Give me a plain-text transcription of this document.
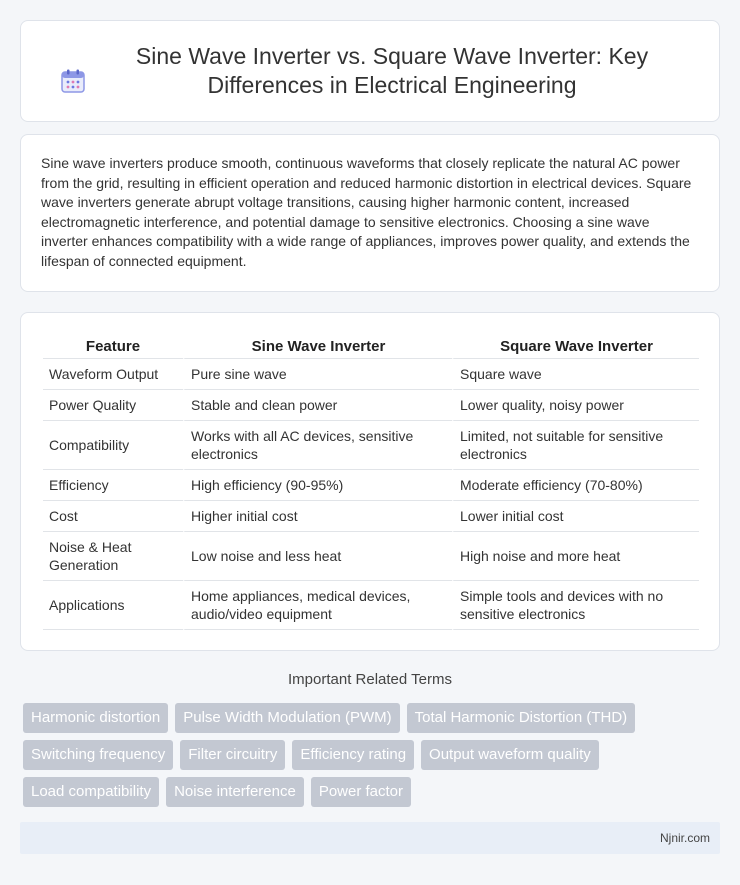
Sine Wave Inverter vs. Square Wave Inverter: Key Differences in Electrical Engineering

Sine wave inverters produce smooth, continuous waveforms that closely replicate the natural AC power from the grid, resulting in efficient operation and reduced harmonic distortion in electrical devices. Square wave inverters generate abrupt voltage transitions, causing higher harmonic content, increased electromagnetic interference, and potential damage to sensitive electronics. Choosing a sine wave inverter enhances compatibility with a wide range of appliances, improves power quality, and extends the lifespan of connected equipment.

Feature	Sine Wave Inverter	Square Wave Inverter
Waveform Output	Pure sine wave	Square wave
Power Quality	Stable and clean power	Lower quality, noisy power
Compatibility	Works with all AC devices, sensitive electronics	Limited, not suitable for sensitive electronics
Efficiency	High efficiency (90-95%)	Moderate efficiency (70-80%)
Cost	Higher initial cost	Lower initial cost
Noise & Heat Generation	Low noise and less heat	High noise and more heat
Applications	Home appliances, medical devices, audio/video equipment	Simple tools and devices with no sensitive electronics
Important Related Terms
Harmonic distortion	Pulse Width Modulation (PWM)	Total Harmonic Distortion (THD)
Switching frequency	Filter circuitry	Efficiency rating	Output waveform quality
Load compatibility	Noise interference	Power factor
Njnir.com
